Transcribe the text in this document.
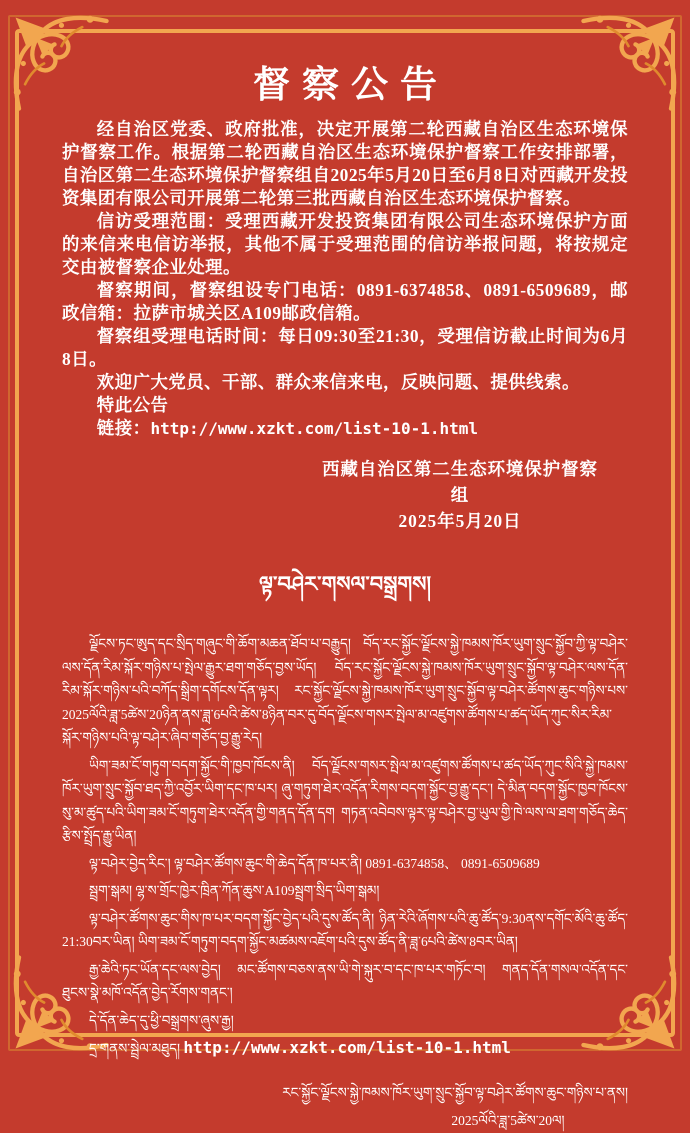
督察公告

经自治区党委、政府批准，决定开展第二轮西藏自治区生态环境保护督察工作。根据第二轮西藏自治区生态环境保护督察工作安排部署，自治区第二生态环境保护督察组自2025年5月20日至6月8日对西藏开发投资集团有限公司开展第二轮第三批西藏自治区生态环境保护督察。

信访受理范围：受理西藏开发投资集团有限公司生态环境保护方面的来信来电信访举报，其他不属于受理范围的信访举报问题，将按规定交由被督察企业处理。

督察期间，督察组设专门电话：0891-6374858、0891-6509689，邮政信箱：拉萨市城关区A109邮政信箱。

督察组受理电话时间：每日09:30至21:30，受理信访截止时间为6月8日。

欢迎广大党员、干部、群众来信来电，反映问题、提供线索。

特此公告

链接：http://www.xzkt.com/list-10-1.html

西藏自治区第二生态环境保护督察组
2025年5月20日
ལྟ་བཤེར་གསལ་བསྒྲགས།

ལྗོངས་ཏང་ཨུད་དང་སྲིད་གཞུང་གི་ཆོག་མཆན་ཐོབ་པ་བརྒྱུད། བོད་རང་སྐྱོང་ལྗོངས་སྐྱེ་ཁམས་ཁོར་ཡུག་སྲུང་སྐྱོབ་ཀྱི་ལྟ་བཤེར་ལས་དོན་རིམ་སྐོར་གཉིས་པ་སྤེལ་རྒྱུར་ཐག་གཅོད་བྱས་ཡོད། བོད་རང་སྐྱོང་ལྗོངས་སྐྱེ་ཁམས་ཁོར་ཡུག་སྲུང་སྐྱོབ་ལྟ་བཤེར་ལས་དོན་རིམ་སྐོར་གཉིས་པའི་བཀོད་སྒྲིག་དགོངས་དོན་ལྟར། རང་སྐྱོང་ལྗོངས་སྐྱེ་ཁམས་ཁོར་ཡུག་སྲུང་སྐྱོབ་ལྟ་བཤེར་ཚོགས་ཆུང་གཉིས་པས་2025ལོའི་ཟླ་5ཚེས་20ཉིན་ནས་ཟླ་6པའི་ཚེས་8ཉིན་བར་དུ་བོད་ལྗོངས་གསར་སྤེལ་མ་འཛུགས་ཚོགས་པ་ཚད་ཡོད་ཀུང་སིར་རིམ་སྐོར་གཉིས་པའི་ལྟ་བཤེར་ཞིབ་གཅོད་བྱ་རྒྱུ་རེད།

ཡིག་ཟམ་ངོ་གཏུག་བདག་སྐྱོང་གི་ཁྱབ་ཁོངས་ནི། བོད་ལྗོངས་གསར་སྤེལ་མ་འཛུགས་ཚོགས་པ་ཚད་ཡོད་ཀུང་སིའི་སྐྱེ་ཁམས་ཁོར་ཡུག་སྲུང་སྐྱོབ་ཐད་ཀྱི་འབྱོར་ཡིག་དང་ཁ་པར། ཞུ་གཏུག་ཐེར་འདོན་རིགས་བདག་སྐྱོང་བྱ་རྒྱུ་དང་། དེ་མིན་བདག་སྐྱོང་ཁྱབ་ཁོངས་སུ་མ་ཚུད་པའི་ཡིག་ཟམ་ངོ་གཏུག་ཐེར་འདོན་གྱི་གནད་དོན་དག གཏན་འབེབས་ལྟར་ལྟ་བཤེར་བྱ་ཡུལ་གྱི་ཁེ་ལས་ལ་ཐག་གཅོད་ཆེད་རྩིས་སྤྲོད་རྒྱུ་ཡིན།

ལྟ་བཤེར་བྱེད་རིང་། ལྟ་བཤེར་ཚོགས་ཆུང་གི་ཆེད་དོན་ཁ་པར་ནི། 0891-6374858、 0891-6509689

སྦྲག་སྒམ། ལྷ་ས་གྲོང་ཁྱེར་ཁྲིན་ཀོན་ཆུས་A109སྦྲག་སྲིད་ཡིག་སྒམ།

ལྟ་བཤེར་ཚོགས་ཆུང་གིས་ཁ་པར་བདག་སྐྱོང་བྱེད་པའི་དུས་ཚོད་ནི། ཉིན་རེའི་ཞོགས་པའི་ཆུ་ཚོད་9:30ནས་དགོང་མོའི་ཆུ་ཚོད་21:30བར་ཡིན། ཡིག་ཟམ་ངོ་གཏུག་བདག་སྐྱོང་མཚམས་འཇོག་པའི་དུས་ཚོད་ནི་ཟླ་6པའི་ཚེས་8བར་ཡིན།

རྒྱ་ཆེའི་ཏང་ཡོན་དང་ལས་བྱེད། མང་ཚོགས་བཅས་ནས་ཡི་གེ་སྐུར་བ་དང་ཁ་པར་གཏོང་བ། གནད་དོན་གསལ་འདོན་དང་ཐུངས་སྣེ་མཁོ་འདོན་བྱེད་རོགས་གནང་།

དེ་དོན་ཆེད་དུ་ཕྱི་བསྒྲགས་ཞུས་རྒྱ།

དྲ་གནས་སྦྲེལ་མཐུད། http://www.xzkt.com/list-10-1.html

རང་སྐྱོང་ལྗོངས་སྐྱེ་ཁམས་ཁོར་ཡུག་སྲུང་སྐྱོབ་ལྟ་བཤེར་ཚོགས་ཆུང་གཉིས་པ་ནས།
2025ལོའི་ཟླ་5ཚེས་20ལ།
